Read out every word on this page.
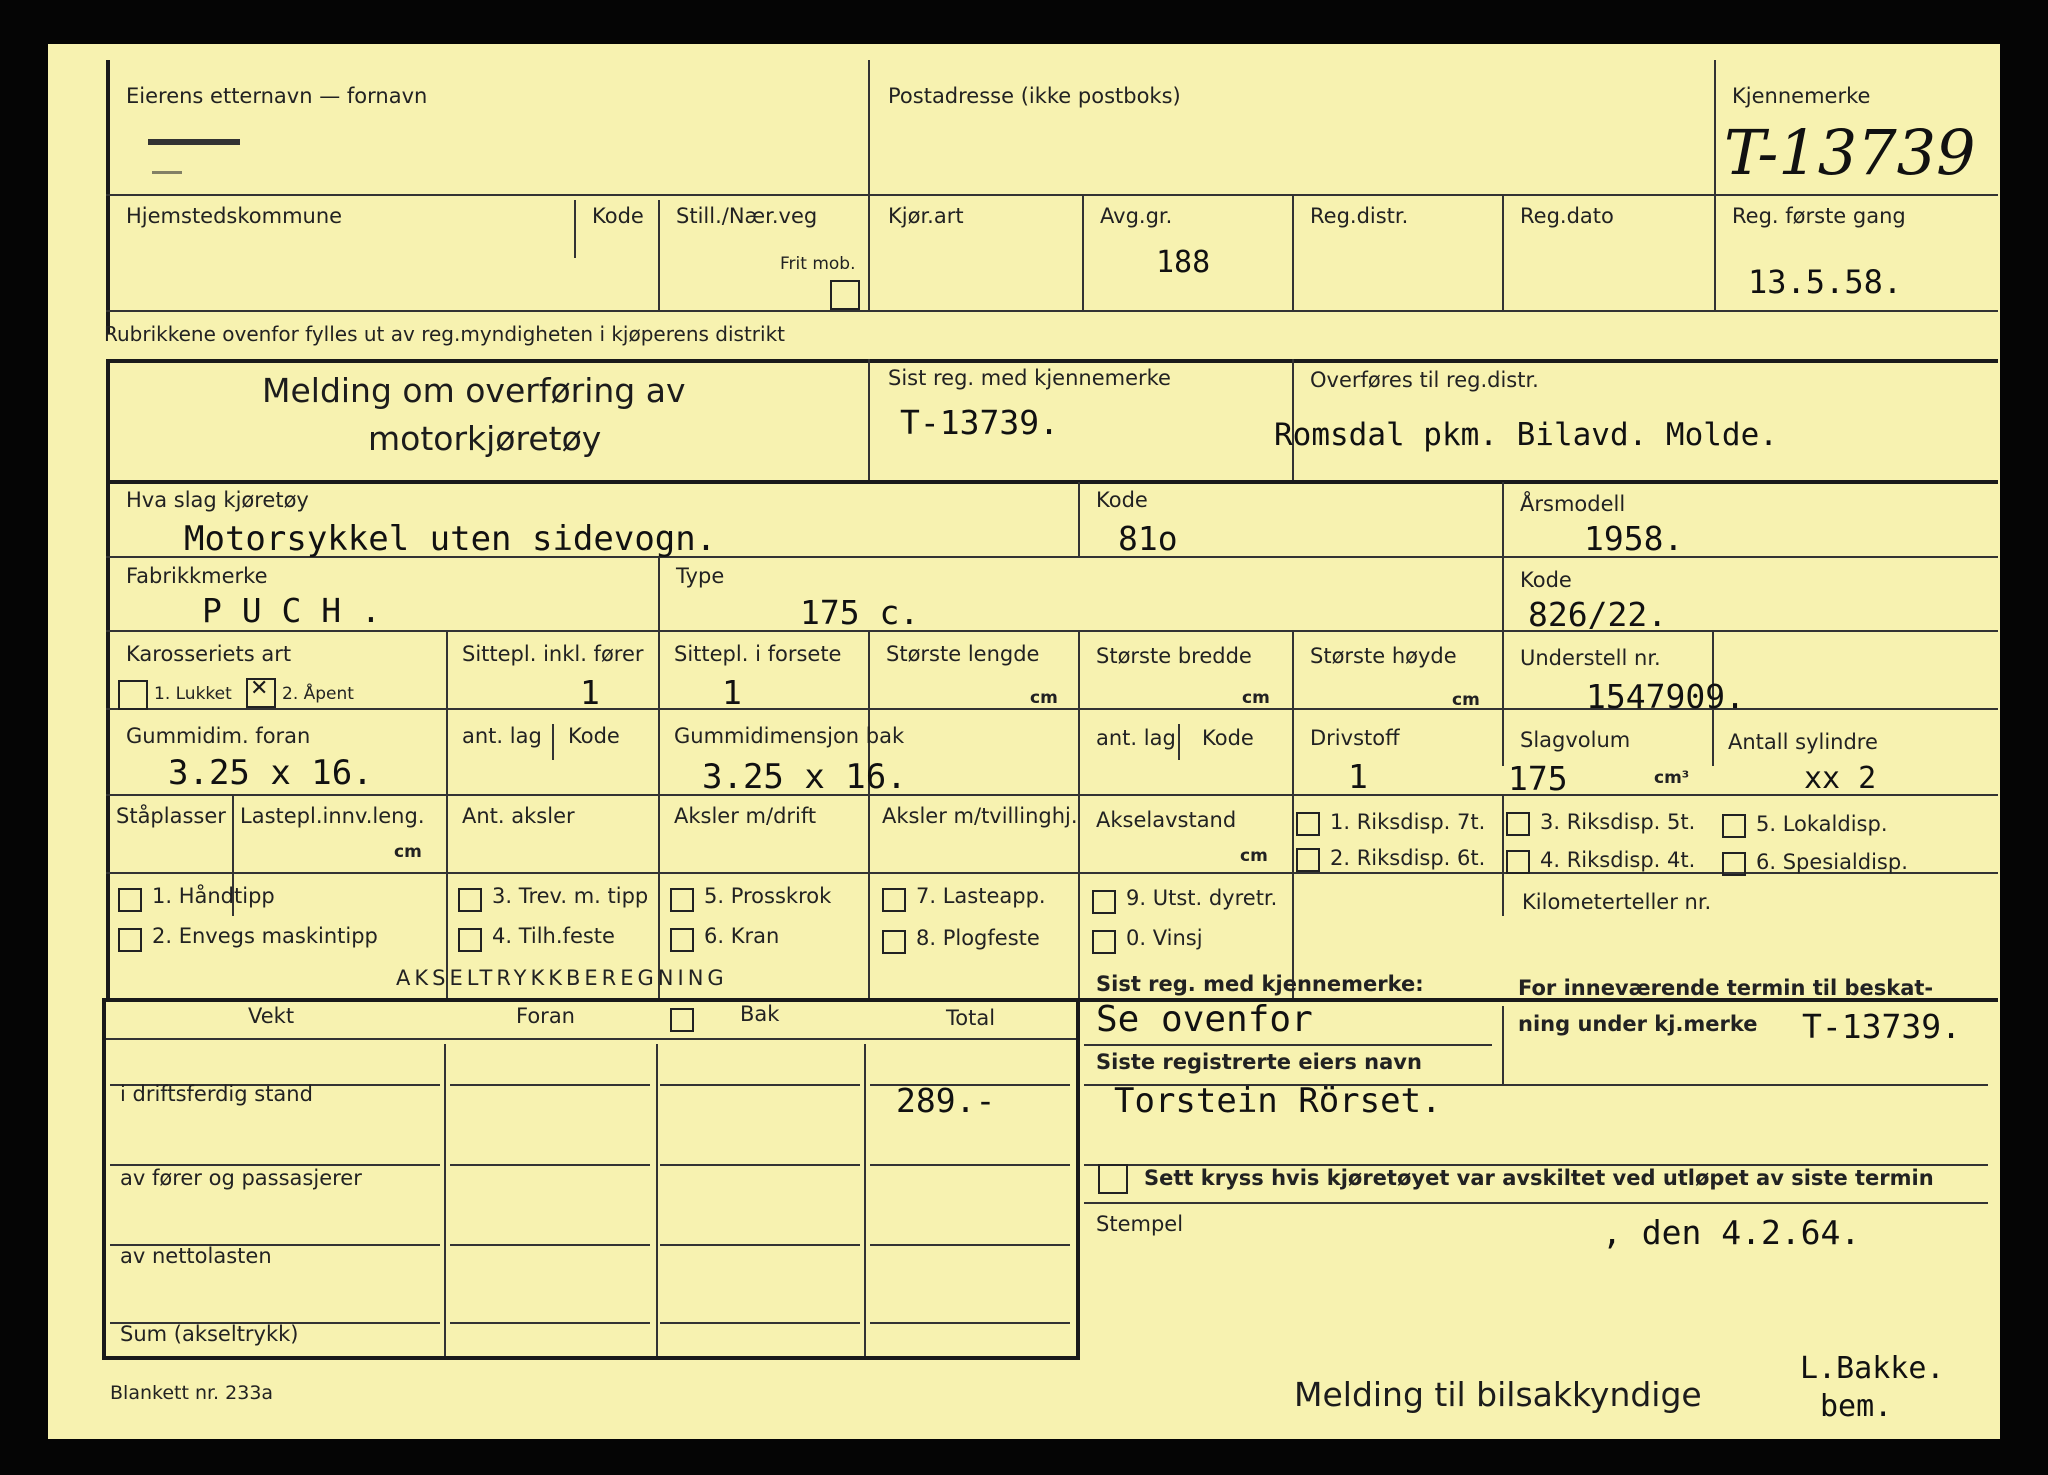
Eierens etternavn — fornavn	Postadresse (ikke postboks)	Kjennemerke
T-13739
Hjemstedskommune	Kode Still./Nær.veg
Frit mob.
Kjør.art	Avg.gr.
188
Reg.distr.	Reg.dato	Reg. første gang
13.5.58.
Rubrikkene ovenfor fylles ut av reg.myndigheten i kjøperens distrikt
Melding om overføring av
motorkjøretøy
Sist reg. med kjennemerke
T-13739.
Overføres til reg.distr.
Romsdal pkm. Bilavd. Molde.
Hva slag kjøretøy
Motorsykkel uten sidevogn.
Kode
81o
Årsmodell
1958.
Fabrikkmerke
P U C H .
Type
175 c.
Kode
826/22.
Karosseriets art
1. Lukket
✕	2. Åpent
Sittepl. inkl. fører
1
Sittepl. i forsete
1
Største lengde
cm
Største bredde
cm
Største høyde
cm
Understell nr.
1547909.
Gummidim. foran
3.25 x 16.
ant. lag Kode	Gummidimensjon bak
3.25 x 16.
ant. lag Kode	Drivstoff
1
Slagvolum
175	cm³
Antall sylindre
xx 2
Ståplasser Lastepl.innv.leng.
cm
Ant. aksler	Aksler m/drift	Aksler m/tvillinghj. Akselavstand
cm
1. Riksdisp. 7t.
2. Riksdisp. 6t.
3. Riksdisp. 5t.
4. Riksdisp. 4t.
5. Lokaldisp.
6. Spesialdisp.
1. Håndtipp
2. Envegs maskintipp
3. Trev. m. tipp
4. Tilh.feste
5. Prosskrok
6. Kran
7. Lasteapp.
8. Plogfeste
9. Utst. dyretr.
0. Vinsj
Kilometerteller nr.
AKSELTRYKKBEREGNING
Vekt	Foran	Bak	Total
i driftsferdig stand	289.-
av fører og passasjerer
av nettolasten
Sum (akseltrykk)
Sist reg. med kjennemerke:
Se ovenfor
For inneværende termin til beskat-
ning under kj.merke T-13739.
Siste registrerte eiers navn
Torstein Rörset.
Sett kryss hvis kjøretøyet var avskiltet ved utløpet av siste termin
Stempel	, den 4.2.64.
Blankett nr. 233a	Melding til bilsakkyndige
L.Bakke.
bem.
